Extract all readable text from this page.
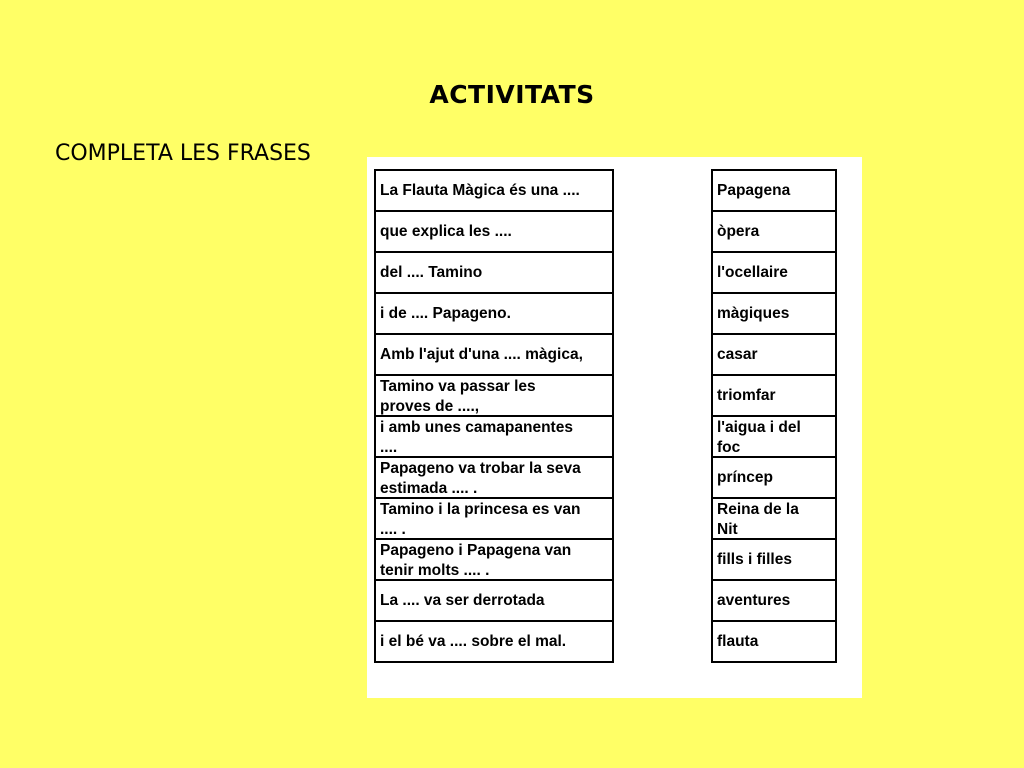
ACTIVITATS
COMPLETA LES FRASES
La Flauta Màgica és una ....
que explica les ....
del .... Tamino
i de .... Papageno.
Amb l'ajut d'una .... màgica,
Tamino va passar les
proves de ....,
i amb unes camapanentes
....
Papageno va trobar la seva
estimada .... .
Tamino i la princesa es van
.... .
Papageno i Papagena van
tenir molts .... .
La .... va ser derrotada
i el bé va .... sobre el mal.
Papagena
òpera
l'ocellaire
màgiques
casar
triomfar
l'aigua i del
foc
príncep
Reina de la
Nit
fills i filles
aventures
flauta
